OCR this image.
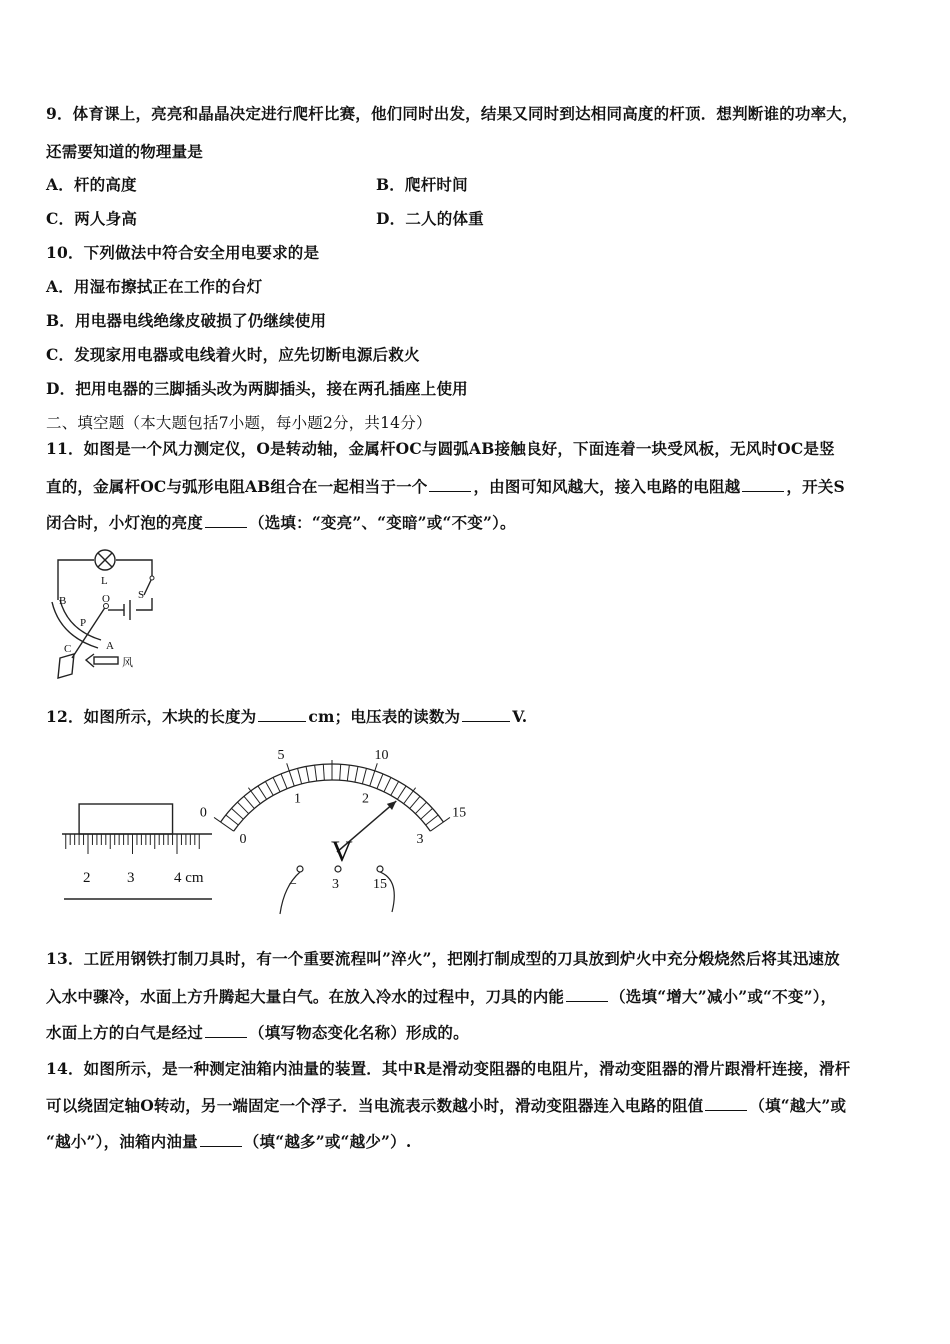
9．体育课上，亮亮和晶晶决定进行爬杆比赛，他们同时出发，结果又同时到达相同高度的杆顶．想判断谁的功率大，
还需要知道的物理量是
A．杆的高度	B．爬杆时间
C．两人身高	D．二人的体重
10．下列做法中符合安全用电要求的是
A．用湿布擦拭正在工作的台灯
B．用电器电线绝缘皮破损了仍继续使用
C．发现家用电器或电线着火时，应先切断电源后救火
D．把用电器的三脚插头改为两脚插头，接在两孔插座上使用
二、填空题（本大题包括7小题，每小题2分，共14分）
11．如图是一个风力测定仪，O是转动轴，金属杆OC与圆弧AB接触良好，下面连着一块受风板，无风时OC是竖
直的，金属杆OC与弧形电阻AB组合在一起相当于一个	，由图可知风越大，接入电路的电阻越	，开关S
闭合时，小灯泡的亮度	（选填：“变亮”、“变暗”或“不变”）。
L
S
O
B
P
A
C
风
12．如图所示，木块的长度为	cm；电压表的读数为	V.
2 3	4 cm
0
5	10
15
0
1	2
3
V
−	3 15
13．工匠用钢铁打制刀具时，有一个重要流程叫”淬火”，把刚打制成型的刀具放到炉火中充分煅烧然后将其迅速放
入水中骤冷，水面上方升腾起大量白气。在放入冷水的过程中，刀具的内能	（选填“增大”减小”或“不变”），
水面上方的白气是经过	（填写物态变化名称）形成的。
14．如图所示，是一种测定油箱内油量的装置．其中R是滑动变阻器的电阻片，滑动变阻器的滑片跟滑杆连接，滑杆
可以绕固定轴O转动，另一端固定一个浮子．当电流表示数越小时，滑动变阻器连入电路的阻值	（填“越大”或
“越小”），油箱内油量	（填“越多”或“越少”）.
